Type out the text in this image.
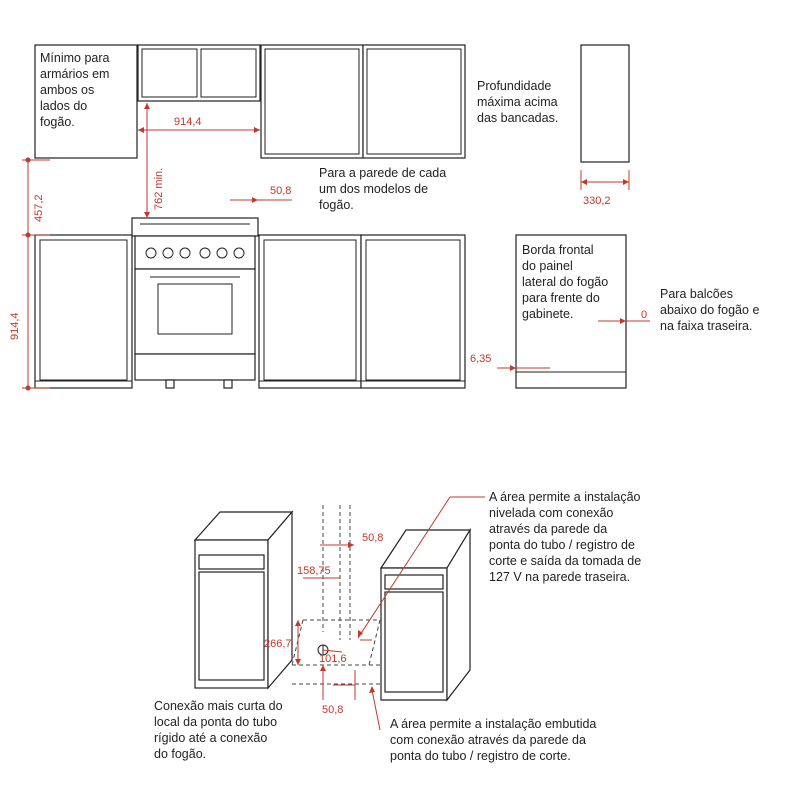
Mínimo para armários em ambos os lados do fogão.
Profundidade máxima acima das bancadas.
Para a parede de cada um dos modelos de fogão.
Borda frontal do painel lateral do fogão para frente do gabinete.
Para balcões abaixo do fogão e na faixa traseira.
914,4
762 min.	50,8
457,2
914,4
330,2
0
6,35
A área permite a instalação nivelada com conexão através da parede da ponta do tubo / registro de corte e saída da tomada de 127 V na parede traseira.
Conexão mais curta do local da ponta do tubo rígido até a conexão do fogão.
A área permite a instalação embutida com conexão através da parede da ponta do tubo / registro de corte.
50,8
158,75
266,7
101,6
50,8
